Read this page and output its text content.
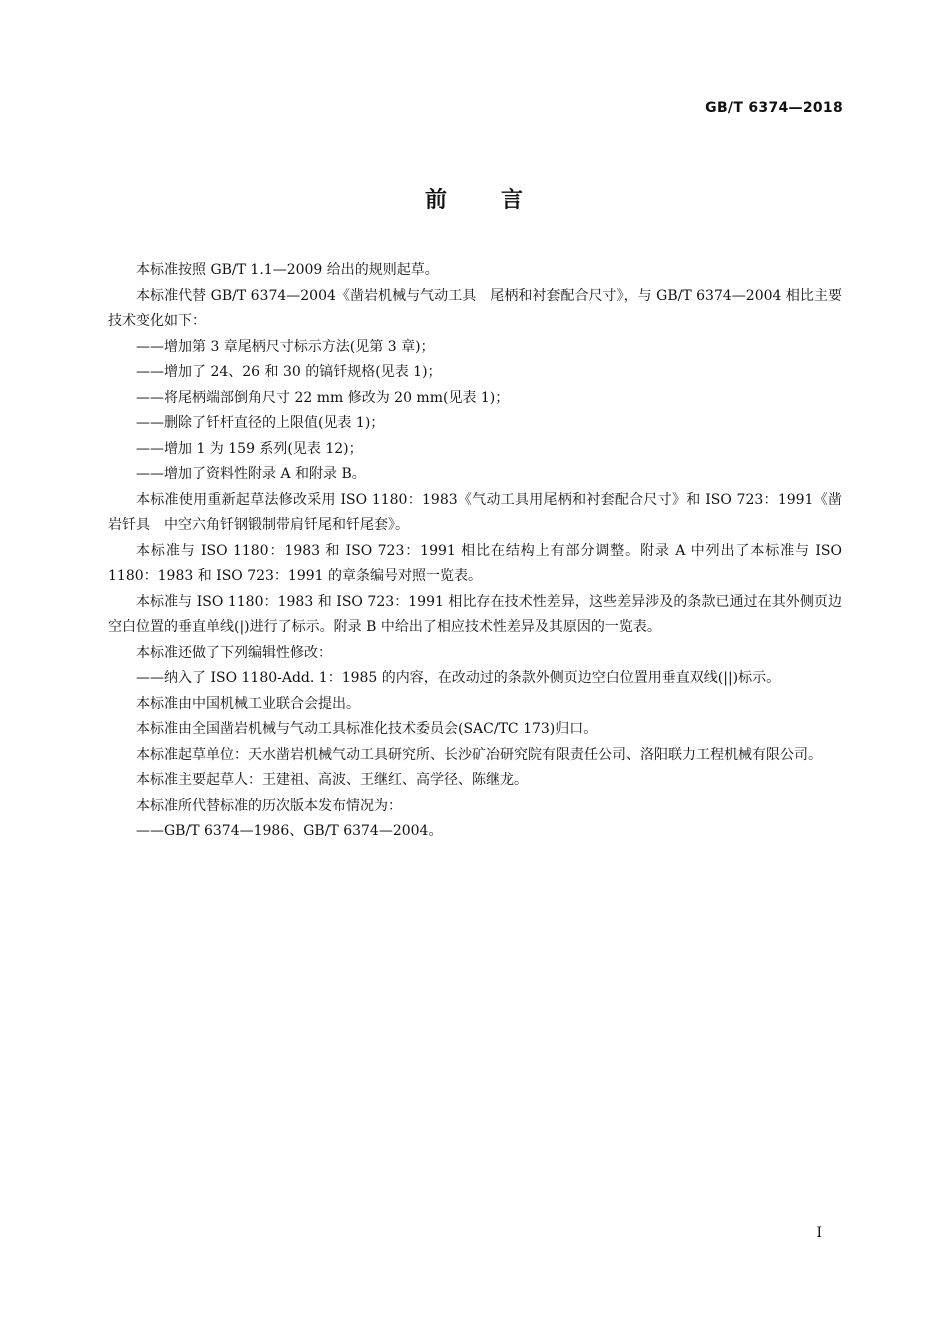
GB/T 6374—2018
前 言

本标准按照 GB/T 1.1—2009 给出的规则起草。

本标准代替 GB/T 6374—2004《凿岩机械与气动工具　尾柄和衬套配合尺寸》，与 GB/T 6374—2004 相比主要技术变化如下：

——增加第 3 章尾柄尺寸标示方法(见第 3 章)；

——增加了 24、26 和 30 的镐钎规格(见表 1)；

——将尾柄端部倒角尺寸 22 mm 修改为 20 mm(见表 1)；

——删除了钎杆直径的上限值(见表 1)；

——增加 1 为 159 系列(见表 12)；

——增加了资料性附录 A 和附录 B。

本标准使用重新起草法修改采用 ISO 1180：1983《气动工具用尾柄和衬套配合尺寸》和 ISO 723：1991《凿岩钎具　中空六角钎钢锻制带肩钎尾和钎尾套》。

本标准与 ISO 1180：1983 和 ISO 723：1991 相比在结构上有部分调整。附录 A 中列出了本标准与 ISO 1180：1983 和 ISO 723：1991 的章条编号对照一览表。

本标准与 ISO 1180：1983 和 ISO 723：1991 相比存在技术性差异，这些差异涉及的条款已通过在其外侧页边空白位置的垂直单线(|)进行了标示。附录 B 中给出了相应技术性差异及其原因的一览表。

本标准还做了下列编辑性修改：

——纳入了 ISO 1180-Add. 1：1985 的内容，在改动过的条款外侧页边空白位置用垂直双线(||)标示。

本标准由中国机械工业联合会提出。

本标准由全国凿岩机械与气动工具标准化技术委员会(SAC/TC 173)归口。

本标准起草单位：天水凿岩机械气动工具研究所、长沙矿冶研究院有限责任公司、洛阳联力工程机械有限公司。

本标准主要起草人：王建祖、高波、王继红、高学径、陈继龙。

本标准所代替标准的历次版本发布情况为：

——GB/T 6374—1986、GB/T 6374—2004。

I
